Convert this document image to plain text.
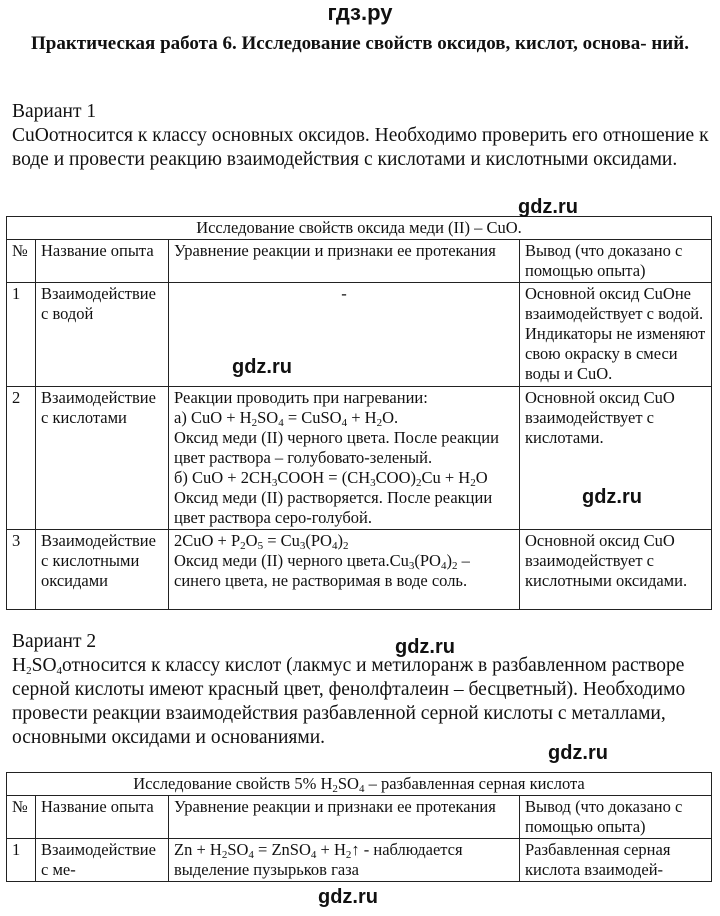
гдз.ру
Практическая работа 6. Исследование свойств оксидов, кислот, основа- ний.
Вариант 1
CuOотносится к классу основных оксидов. Необходимо проверить его отношение к воде и провести реакцию взаимодействия с кислотами и кислотными оксидами.
Исследование свойств оксида меди (II) – CuO.			
№	Название опыта	Уравнение реакции и признаки ее протекания	Вывод (что доказано с помощью опыта)
1	Взаимодействие с водой	-	Основной оксид CuOне взаимодействует с водой. Индикаторы не изменяют свою окраску в смеси воды и CuO.
2	Взаимодействие с кислотами	Реакции проводить при нагревании:
а) CuO + $H_2SO_4$ = CuSO$_4$ + $H_2O$.
Оксид меди (II) черного цвета. После реакции цвет раствора – голубовато-зеленый.
б) CuO + $2CH_3COOH = (CH_3COO)_2Cu + H_2O$
Оксид меди (II) растворяется. После реакции цвет раствора серо-голубой.	Основной оксид CuO взаимодействует с кислотами.
3	Взаимодействие с кислотными оксидами	$2CuO + P_2O_5 = Cu_3(PO_4)_2$
Оксид меди (II) черного $цвета.Cu_3(PO_4)_2$ – синего цвета, не растворимая в воде соль.	Основной оксид CuO взаимодействует с кислотными оксидами.
Вариант 2
$H_2SO_4относится$ к классу кислот (лакмус и метилоранж в разбавленном растворе серной кислоты имеют красный цвет, фенолфталеин – бесцветный). Необходимо провести реакции взаимодействия разбавленной серной кислоты с металлами, основными оксидами и основаниями.
Исследование свойств 5% $H_2SO_4$ – разбавленная серная кислота			
№	Название опыта	Уравнение реакции и признаки ее протекания	Вывод (что доказано с помощью опыта)
1	Взаимодействие с ме-	$Zn + H_2SO_4$ = ZnSO$_4$ + $H_2↑$ - наблюдается выделение пузырьков газа	Разбавленная серная кислота взаимодей-
gdz.ru
gdz.ru
gdz.ru
gdz.ru
gdz.ru
gdz.ru
